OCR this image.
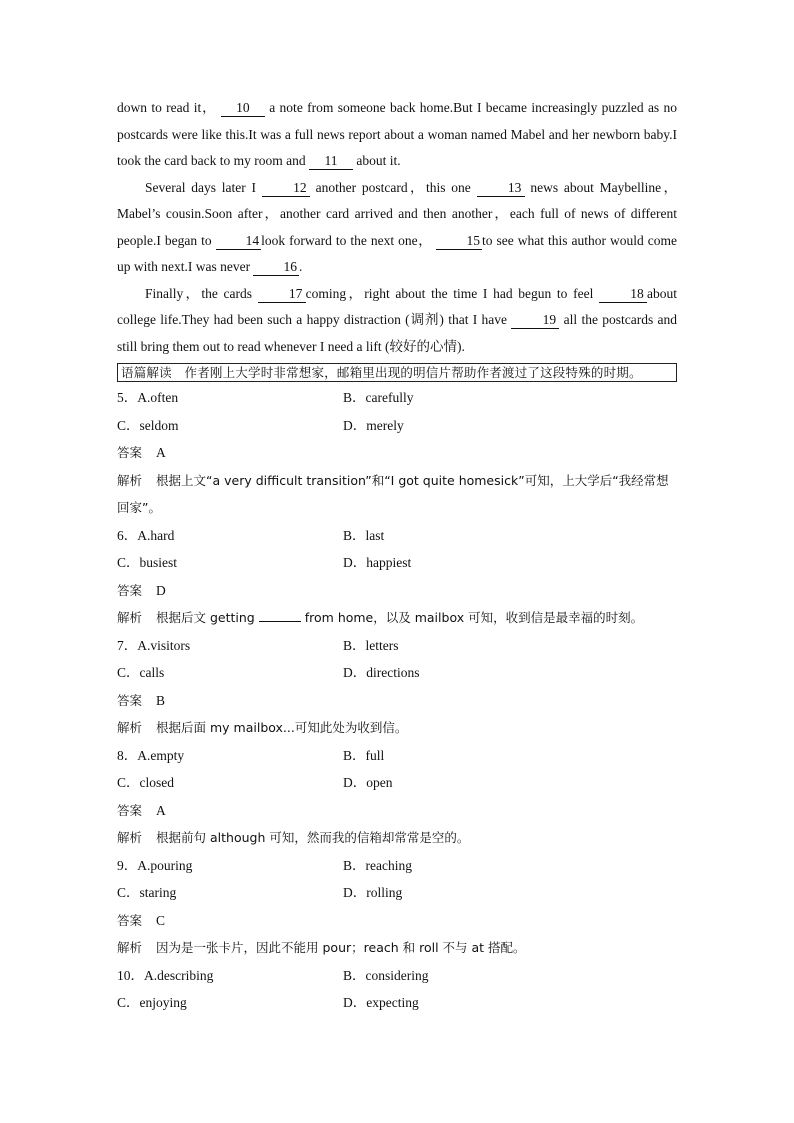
down to read it， 10 a note from someone back home.But I became increasingly puzzled as no postcards were like this.It was a full news report about a woman named Mabel and her newborn baby.I took the card back to my room and 11 about it.

Several days later I	12 another postcard，this one	13 news about Maybelline，Mabel’s cousin.Soon after，another card arrived and then another，each full of news of different people.I began to	14 look forward to the next one，	15 to see what this author would come up with next.I was never 16 .

Finally，the cards	17 coming，right about the time I had begun to feel	18 about college life.They had been such a happy distraction (调剂) that I have	19 all the postcards and still bring them out to read whenever I need a lift (较好的心情).

语篇解读　作者刚上大学时非常想家，邮箱里出现的明信片帮助作者渡过了这段特殊的时期。
5．A.often	B．carefully
C．seldom	D．merely

答案 A

解析 根据上文“a very difficult transition”和“I got quite homesick”可知，上大学后“我经常想回家”。

6．A.hard	B．last
C．busiest	D．happiest

答案 D

解析 根据后文 getting	from home，以及 mailbox 可知，收到信是最幸福的时刻。

7．A.visitors	B．letters
C．calls	D．directions

答案 B

解析 根据后面 my mailbox...可知此处为收到信。

8．A.empty	B．full
C．closed	D．open

答案 A

解析 根据前句 although 可知，然而我的信箱却常常是空的。

9．A.pouring	B．reaching
C．staring	D．rolling

答案 C

解析 因为是一张卡片，因此不能用 pour；reach 和 roll 不与 at 搭配。

10．A.describing	B．considering
C．enjoying	D．expecting
